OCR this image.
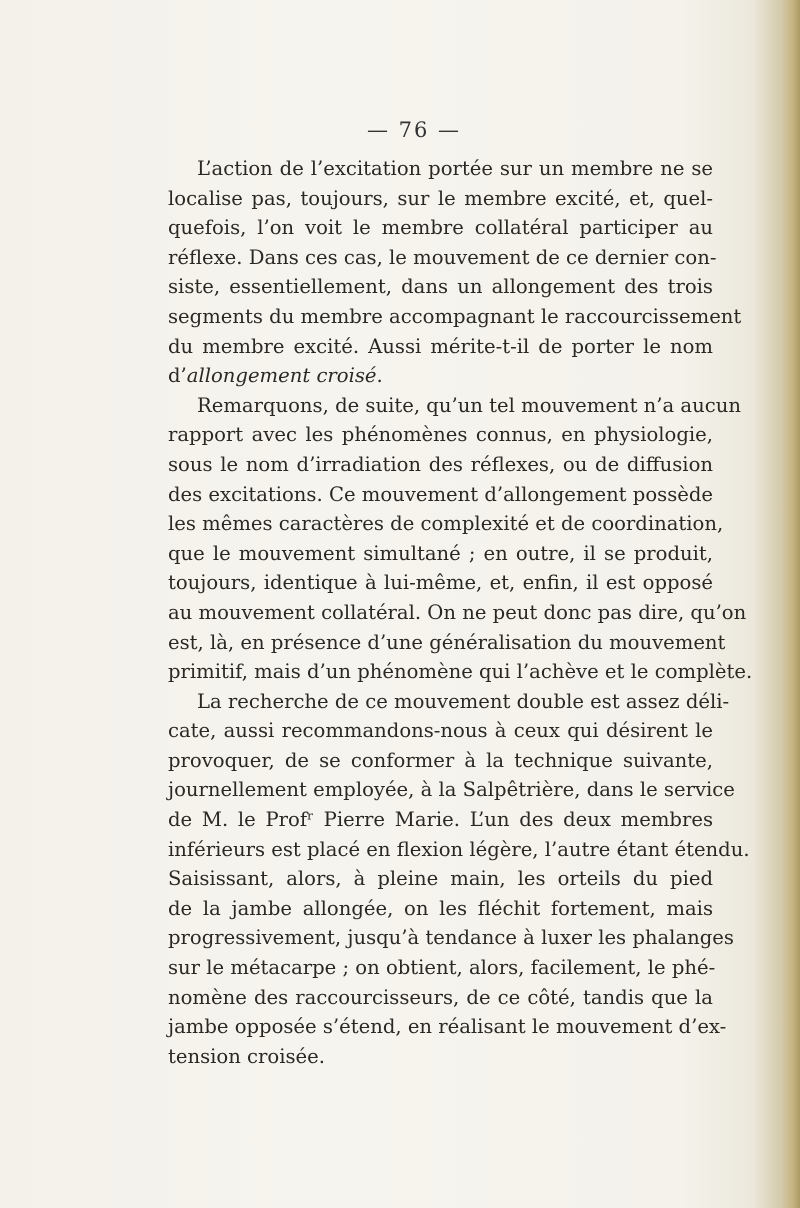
— 76 —
L’action de l’excitation portée sur un membre ne se
localise pas, toujours, sur le membre excité, et, quel-
quefois, l’on voit le membre collatéral participer au
réflexe. Dans ces cas, le mouvement de ce dernier con-
siste, essentiellement, dans un allongement des trois
segments du membre accompagnant le raccourcissement
du membre excité. Aussi mérite-t-il de porter le nom
d’allongement croisé.
Remarquons, de suite, qu’un tel mouvement n’a aucun
rapport avec les phénomènes connus, en physiologie,
sous le nom d’irradiation des réflexes, ou de diffusion
des excitations. Ce mouvement d’allongement possède
les mêmes caractères de complexité et de coordination,
que le mouvement simultané ; en outre, il se produit,
toujours, identique à lui-même, et, enfin, il est opposé
au mouvement collatéral. On ne peut donc pas dire, qu’on
est, là, en présence d’une généralisation du mouvement
primitif, mais d’un phénomène qui l’achève et le complète.
La recherche de ce mouvement double est assez déli-
cate, aussi recommandons-nous à ceux qui désirent le
provoquer, de se conformer à la technique suivante,
journellement employée, à la Salpêtrière, dans le service
de M. le Profʳ Pierre Marie. L’un des deux membres
inférieurs est placé en flexion légère, l’autre étant étendu.
Saisissant, alors, à pleine main, les orteils du pied
de la jambe allongée, on les fléchit fortement, mais
progressivement, jusqu’à tendance à luxer les phalanges
sur le métacarpe ; on obtient, alors, facilement, le phé-
nomène des raccourcisseurs, de ce côté, tandis que la
jambe opposée s’étend, en réalisant le mouvement d’ex-
tension croisée.
